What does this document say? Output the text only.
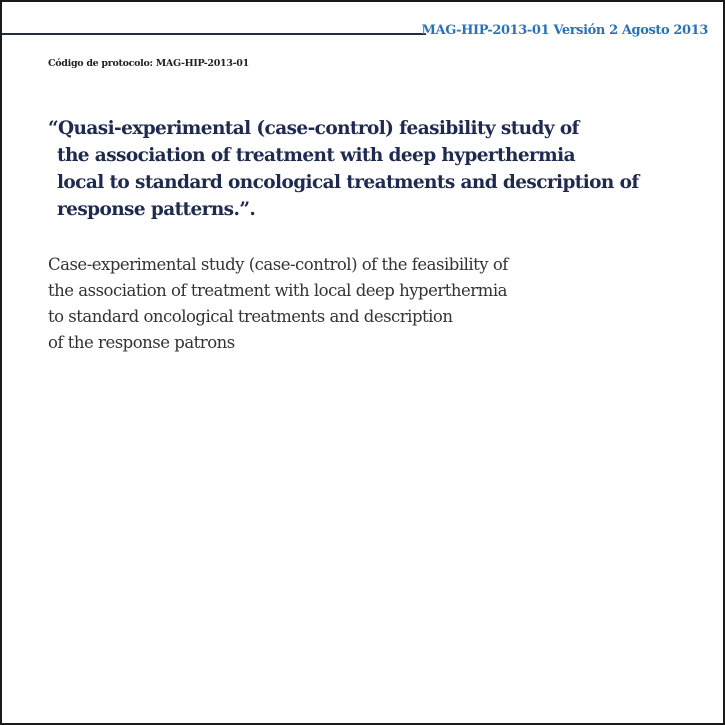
MAG-HIP-2013-01 Versión 2 Agosto 2013
Código de protocolo: MAG-HIP-2013-01
“Quasi-experimental (case-control) feasibility study of
the association of treatment with deep hyperthermia
local to standard oncological treatments and description of
response patterns.”.

Case-experimental study (case-control) of the feasibility of
the association of treatment with local deep hyperthermia
to standard oncological treatments and description
of the response patrons
